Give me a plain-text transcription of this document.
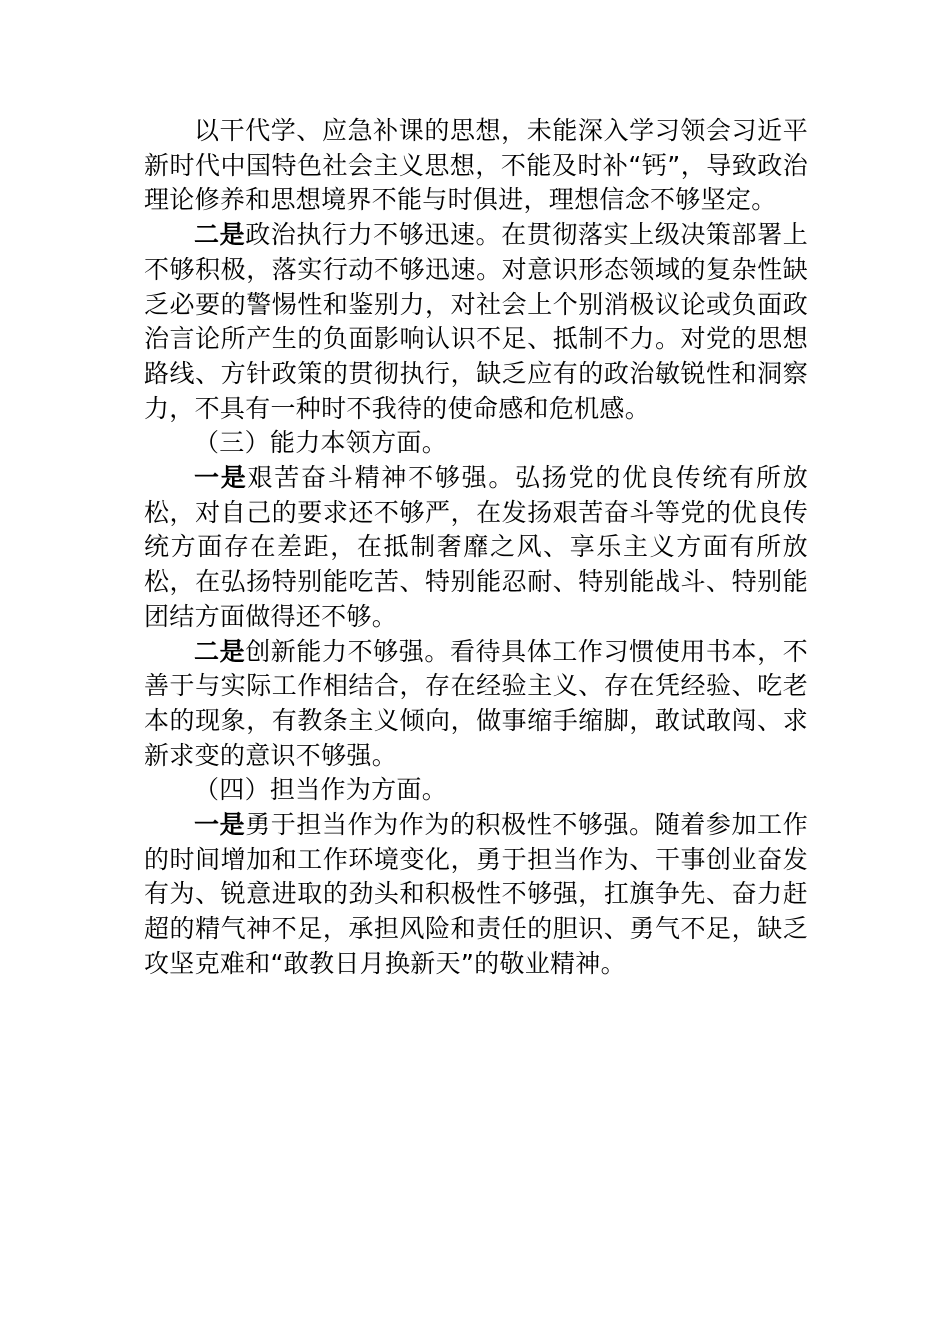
以干代学、应急补课的思想，未能深入学习领会习近平新时代中国特色社会主义思想，不能及时补“钙”，导致政治理论修养和思想境界不能与时俱进，理想信念不够坚定。

二是政治执行力不够迅速。在贯彻落实上级决策部署上不够积极，落实行动不够迅速。对意识形态领域的复杂性缺乏必要的警惕性和鉴别力，对社会上个别消极议论或负面政治言论所产生的负面影响认识不足、抵制不力。对党的思想路线、方针政策的贯彻执行，缺乏应有的政治敏锐性和洞察力，不具有一种时不我待的使命感和危机感。

（三）能力本领方面。

一是艰苦奋斗精神不够强。弘扬党的优良传统有所放松，对自己的要求还不够严，在发扬艰苦奋斗等党的优良传统方面存在差距，在抵制奢靡之风、享乐主义方面有所放松，在弘扬特别能吃苦、特别能忍耐、特别能战斗、特别能团结方面做得还不够。

二是创新能力不够强。看待具体工作习惯使用书本，不善于与实际工作相结合，存在经验主义、存在凭经验、吃老本的现象，有教条主义倾向，做事缩手缩脚，敢试敢闯、求新求变的意识不够强。

（四）担当作为方面。

一是勇于担当作为作为的积极性不够强。随着参加工作的时间增加和工作环境变化，勇于担当作为、干事创业奋发有为、锐意进取的劲头和积极性不够强，扛旗争先、奋力赶超的精气神不足，承担风险和责任的胆识、勇气不足，缺乏攻坚克难和“敢教日月换新天”的敬业精神。
